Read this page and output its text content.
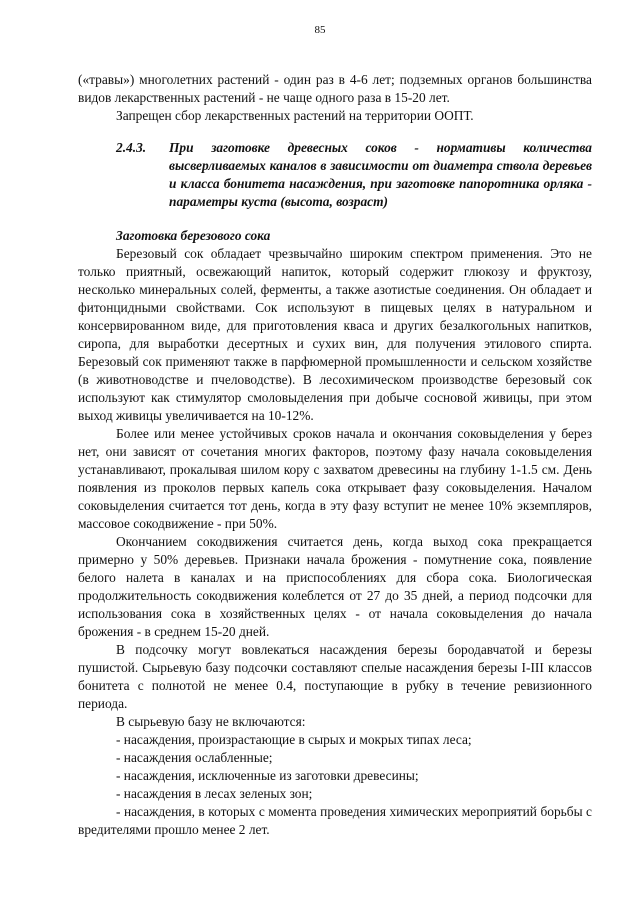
85

(«травы») многолетних растений - один раз в 4-6 лет; подземных органов большинства видов лекарственных растений - не чаще одного раза в 15-20 лет.

Запрещен сбор лекарственных растений на территории ООПТ.

2.4.3.	При заготовке древесных соков - нормативы количества высверливаемых каналов в зависимости от диаметра ствола деревьев и класса бонитета насаждения, при заготовке папоротника орляка - параметры куста (высота, возраст)

Заготовка березового сока

Березовый сок обладает чрезвычайно широким спектром применения. Это не только приятный, освежающий напиток, который содержит глюкозу и фруктозу, несколько минеральных солей, ферменты, а также азотистые соединения. Он обладает и фитонцидными свойствами. Сок используют в пищевых целях в натуральном и консервированном виде, для приготовления кваса и других безалкогольных напитков, сиропа, для выработки десертных и сухих вин, для получения этилового спирта. Березовый сок применяют также в парфюмерной промышленности и сельском хозяйстве (в животноводстве и пчеловодстве). В лесохимическом производстве березовый сок используют как стимулятор смоловыделения при добыче сосновой живицы, при этом выход живицы увеличивается на 10-12%.

Более или менее устойчивых сроков начала и окончания соковыделения у берез нет, они зависят от сочетания многих факторов, поэтому фазу начала соковыделения устанавливают, прокалывая шилом кору с захватом древесины на глубину 1-1.5 см. День появления из проколов первых капель сока открывает фазу соковыделения. Началом соковыделения считается тот день, когда в эту фазу вступит не менее 10% экземпляров, массовое сокодвижение - при 50%.

Окончанием сокодвижения считается день, когда выход сока прекращается примерно у 50% деревьев. Признаки начала брожения - помутнение сока, появление белого налета в каналах и на приспособлениях для сбора сока. Биологическая продолжительность сокодвижения колеблется от 27 до 35 дней, а период подсочки для использования сока в хозяйственных целях - от начала соковыделения до начала брожения - в среднем 15-20 дней.

В подсочку могут вовлекаться насаждения березы бородавчатой и березы пушистой. Сырьевую базу подсочки составляют спелые насаждения березы I-III классов бонитета с полнотой не менее 0.4, поступающие в рубку в течение ревизионного периода.

В сырьевую базу не включаются:

- насаждения, произрастающие в сырых и мокрых типах леса;

- насаждения ослабленные;

- насаждения, исключенные из заготовки древесины;

- насаждения в лесах зеленых зон;

- насаждения, в которых с момента проведения химических мероприятий борьбы с вредителями прошло менее 2 лет.
